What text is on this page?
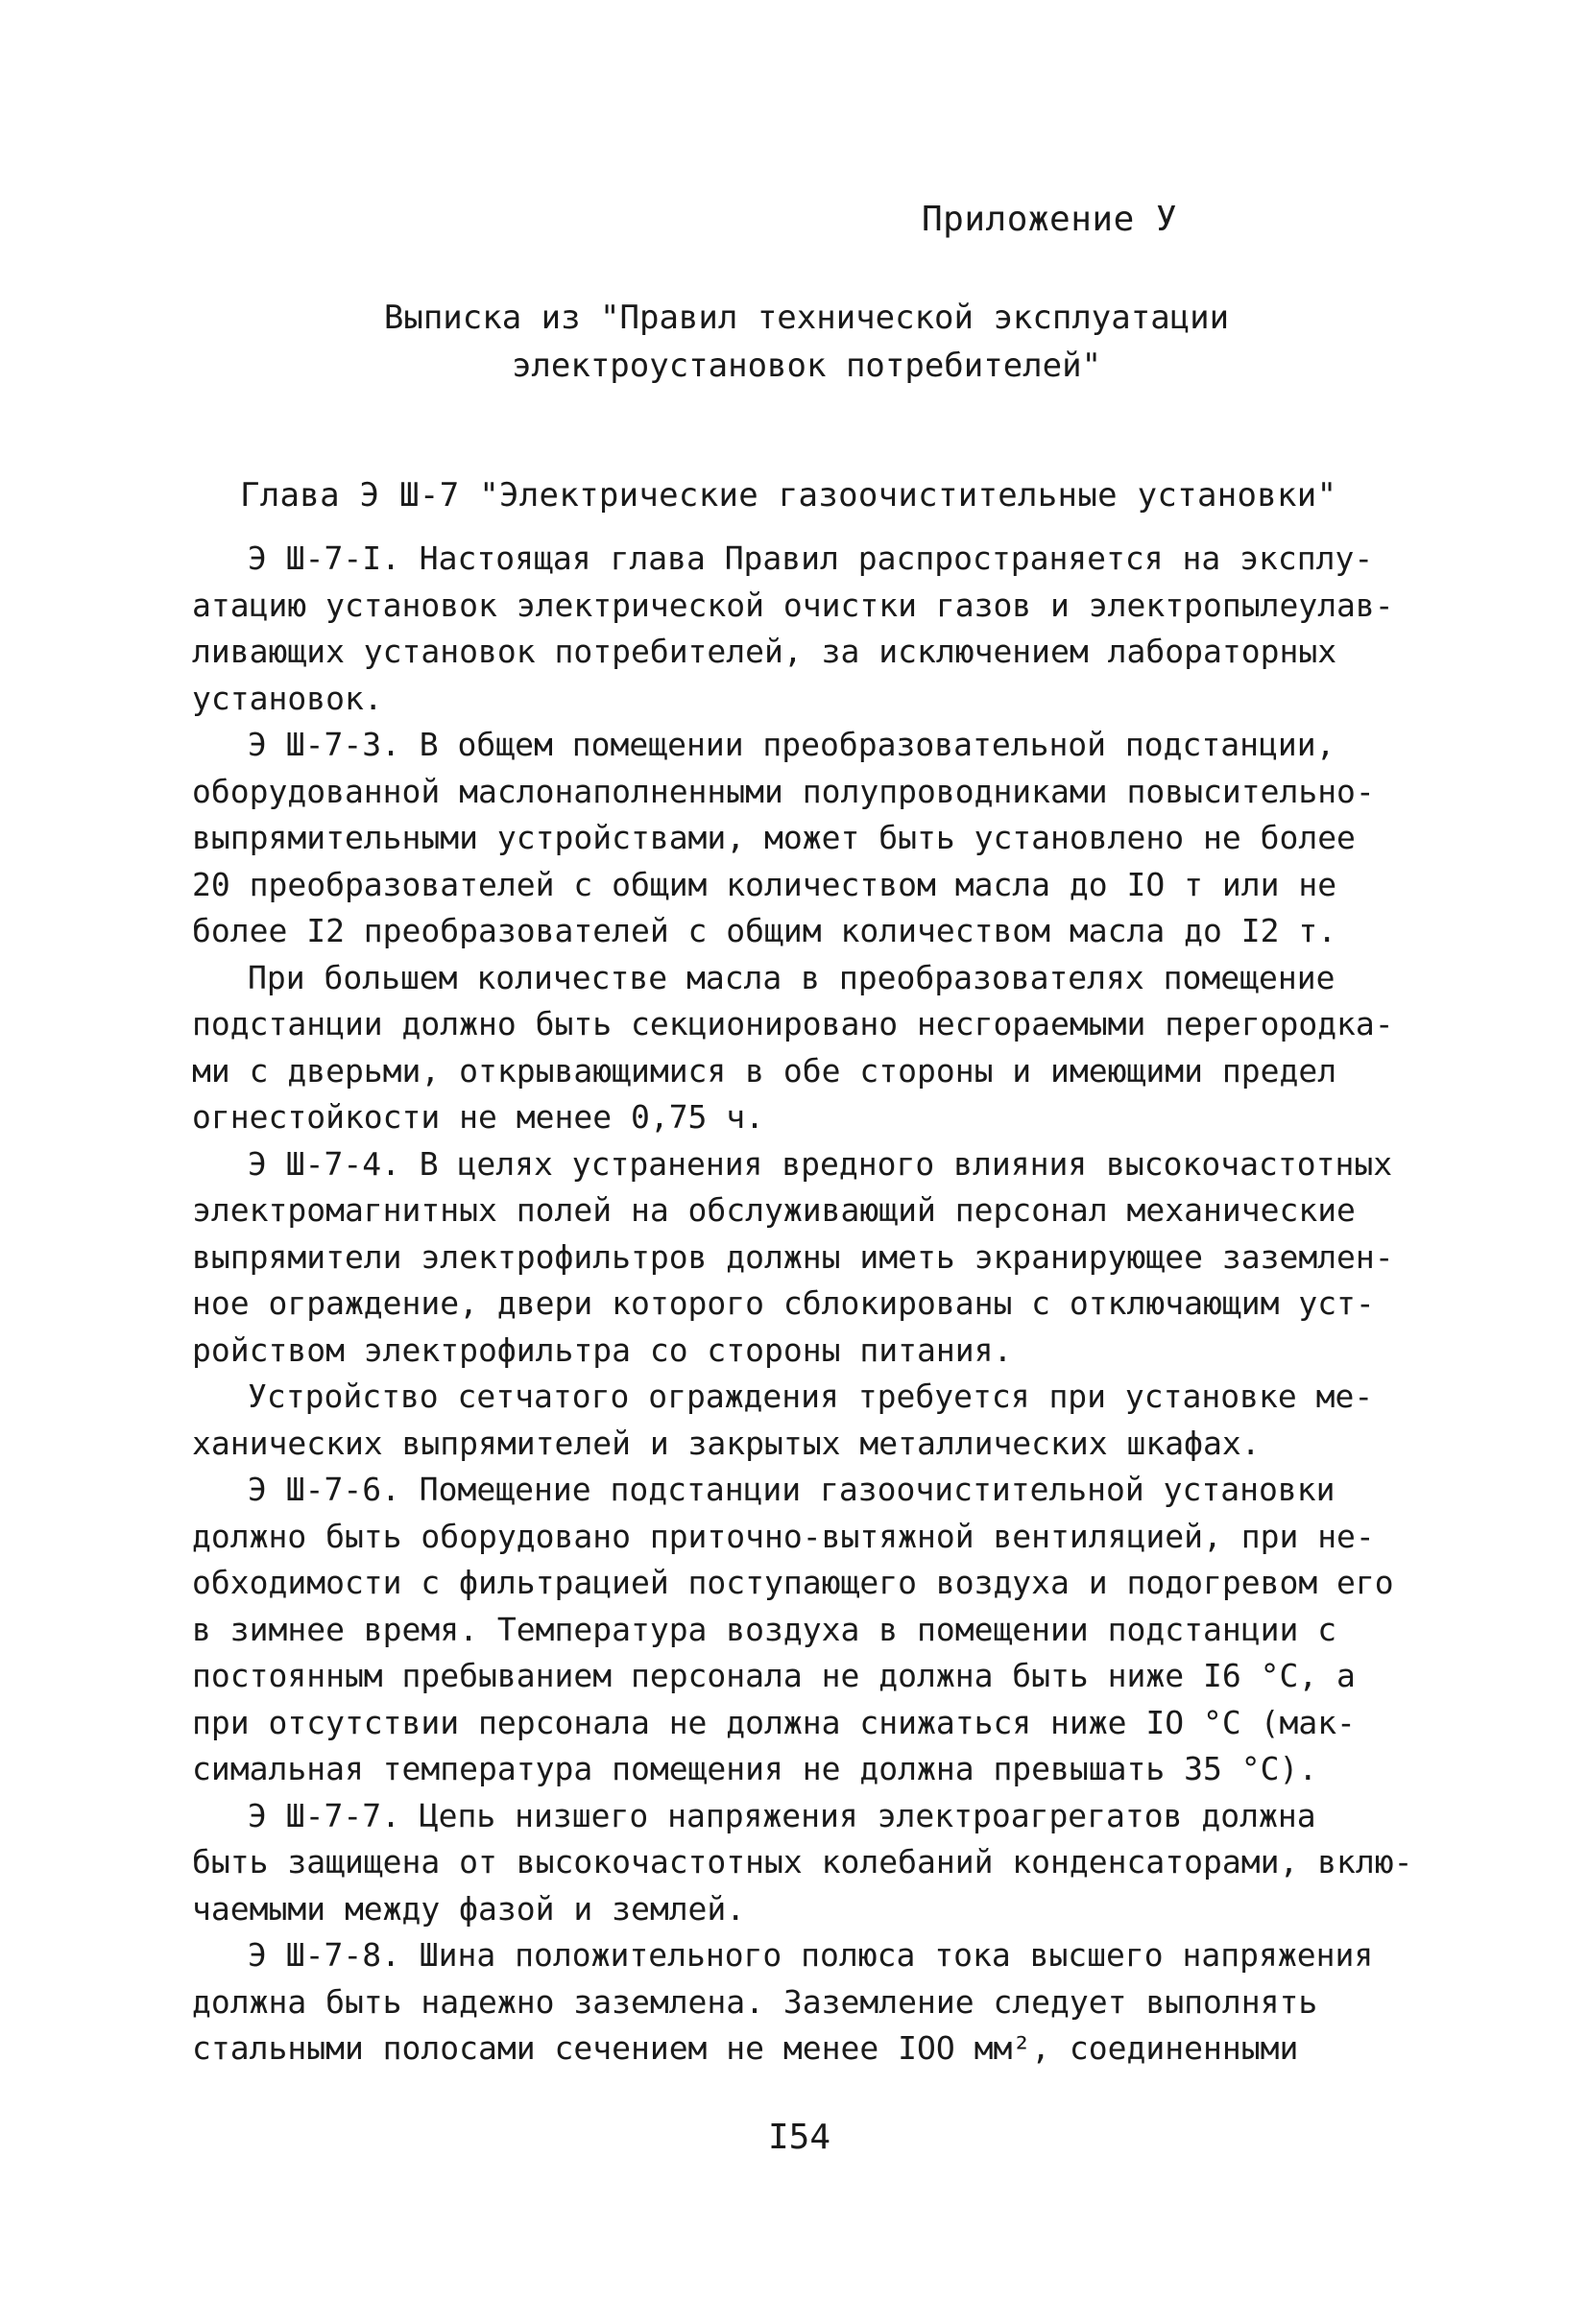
Приложение У
Выписка из "Правил технической эксплуатации
электроустановок потребителей"
Глава Э Ш-7 "Электрические газоочистительные установки"

Э Ш-7-I. Настоящая глава Правил распространяется на эксплу-
атацию установок электрической очистки газов и электропылеулав-
ливающих установок потребителей, за исключением лабораторных
установок.

Э Ш-7-3. В общем помещении преобразовательной подстанции,
оборудованной маслонаполненными полупроводниками повысительно-
выпрямительными устройствами, может быть установлено не более
20 преобразователей с общим количеством масла до IO т или не
более I2 преобразователей с общим количеством масла до I2 т.

При большем количестве масла в преобразователях помещение
подстанции должно быть секционировано несгораемыми перегородка-
ми с дверьми, открывающимися в обе стороны и имеющими предел
огнестойкости не менее 0,75 ч.

Э Ш-7-4. В целях устранения вредного влияния высокочастотных
электромагнитных полей на обслуживающий персонал механические
выпрямители электрофильтров должны иметь экранирующее заземлен-
ное ограждение, двери которого сблокированы с отключающим уст-
ройством электрофильтра со стороны питания.

Устройство сетчатого ограждения требуется при установке ме-
ханических выпрямителей и закрытых металлических шкафах.

Э Ш-7-6. Помещение подстанции газоочистительной установки
должно быть оборудовано приточно-вытяжной вентиляцией, при не-
обходимости с фильтрацией поступающего воздуха и подогревом его
в зимнее время. Температура воздуха в помещении подстанции с
постоянным пребыванием персонала не должна быть ниже I6 °С, а
при отсутствии персонала не должна снижаться ниже IO °С (мак-
симальная температура помещения не должна превышать 35 °С).

Э Ш-7-7. Цепь низшего напряжения электроагрегатов должна
быть защищена от высокочастотных колебаний конденсаторами, вклю-
чаемыми между фазой и землей.

Э Ш-7-8. Шина положительного полюса тока высшего напряжения
должна быть надежно заземлена. Заземление следует выполнять
стальными полосами сечением не менее IOO мм², соединенными

I54
